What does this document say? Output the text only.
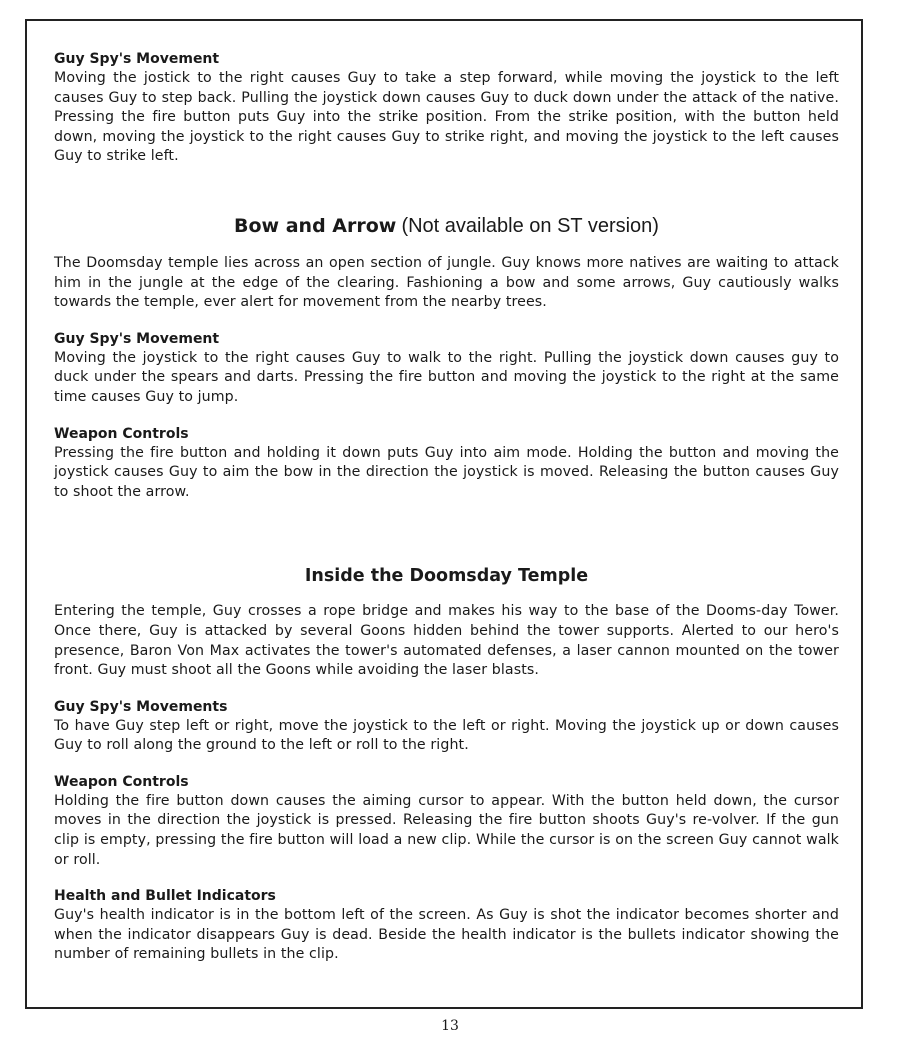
Guy Spy's Movement

Moving the jostick to the right causes Guy to take a step forward, while moving the joystick to the left causes Guy to step back. Pulling the joystick down causes Guy to duck down under the attack of the native. Pressing the fire button puts Guy into the strike position. From the strike position, with the button held down, moving the joystick to the right causes Guy to strike right, and moving the joystick to the left causes Guy to strike left.

Bow and Arrow (Not available on ST version)

The Doomsday temple lies across an open section of jungle. Guy knows more natives are waiting to attack him in the jungle at the edge of the clearing. Fashioning a bow and some arrows, Guy cautiously walks towards the temple, ever alert for movement from the nearby trees.

Guy Spy's Movement

Moving the joystick to the right causes Guy to walk to the right. Pulling the joystick down causes guy to duck under the spears and darts. Pressing the fire button and moving the joystick to the right at the same time causes Guy to jump.

Weapon Controls

Pressing the fire button and holding it down puts Guy into aim mode. Holding the button and moving the joystick causes Guy to aim the bow in the direction the joystick is moved. Releasing the button causes Guy to shoot the arrow.

Inside the Doomsday Temple

Entering the temple, Guy crosses a rope bridge and makes his way to the base of the Dooms-day Tower. Once there, Guy is attacked by several Goons hidden behind the tower supports. Alerted to our hero's presence, Baron Von Max activates the tower's automated defenses, a laser cannon mounted on the tower front. Guy must shoot all the Goons while avoiding the laser blasts.

Guy Spy's Movements

To have Guy step left or right, move the joystick to the left or right. Moving the joystick up or down causes Guy to roll along the ground to the left or roll to the right.

Weapon Controls

Holding the fire button down causes the aiming cursor to appear. With the button held down, the cursor moves in the direction the joystick is pressed. Releasing the fire button shoots Guy's re-volver. If the gun clip is empty, pressing the fire button will load a new clip. While the cursor is on the screen Guy cannot walk or roll.

Health and Bullet Indicators

Guy's health indicator is in the bottom left of the screen. As Guy is shot the indicator becomes shorter and when the indicator disappears Guy is dead. Beside the health indicator is the bullets indicator showing the number of remaining bullets in the clip.

13
